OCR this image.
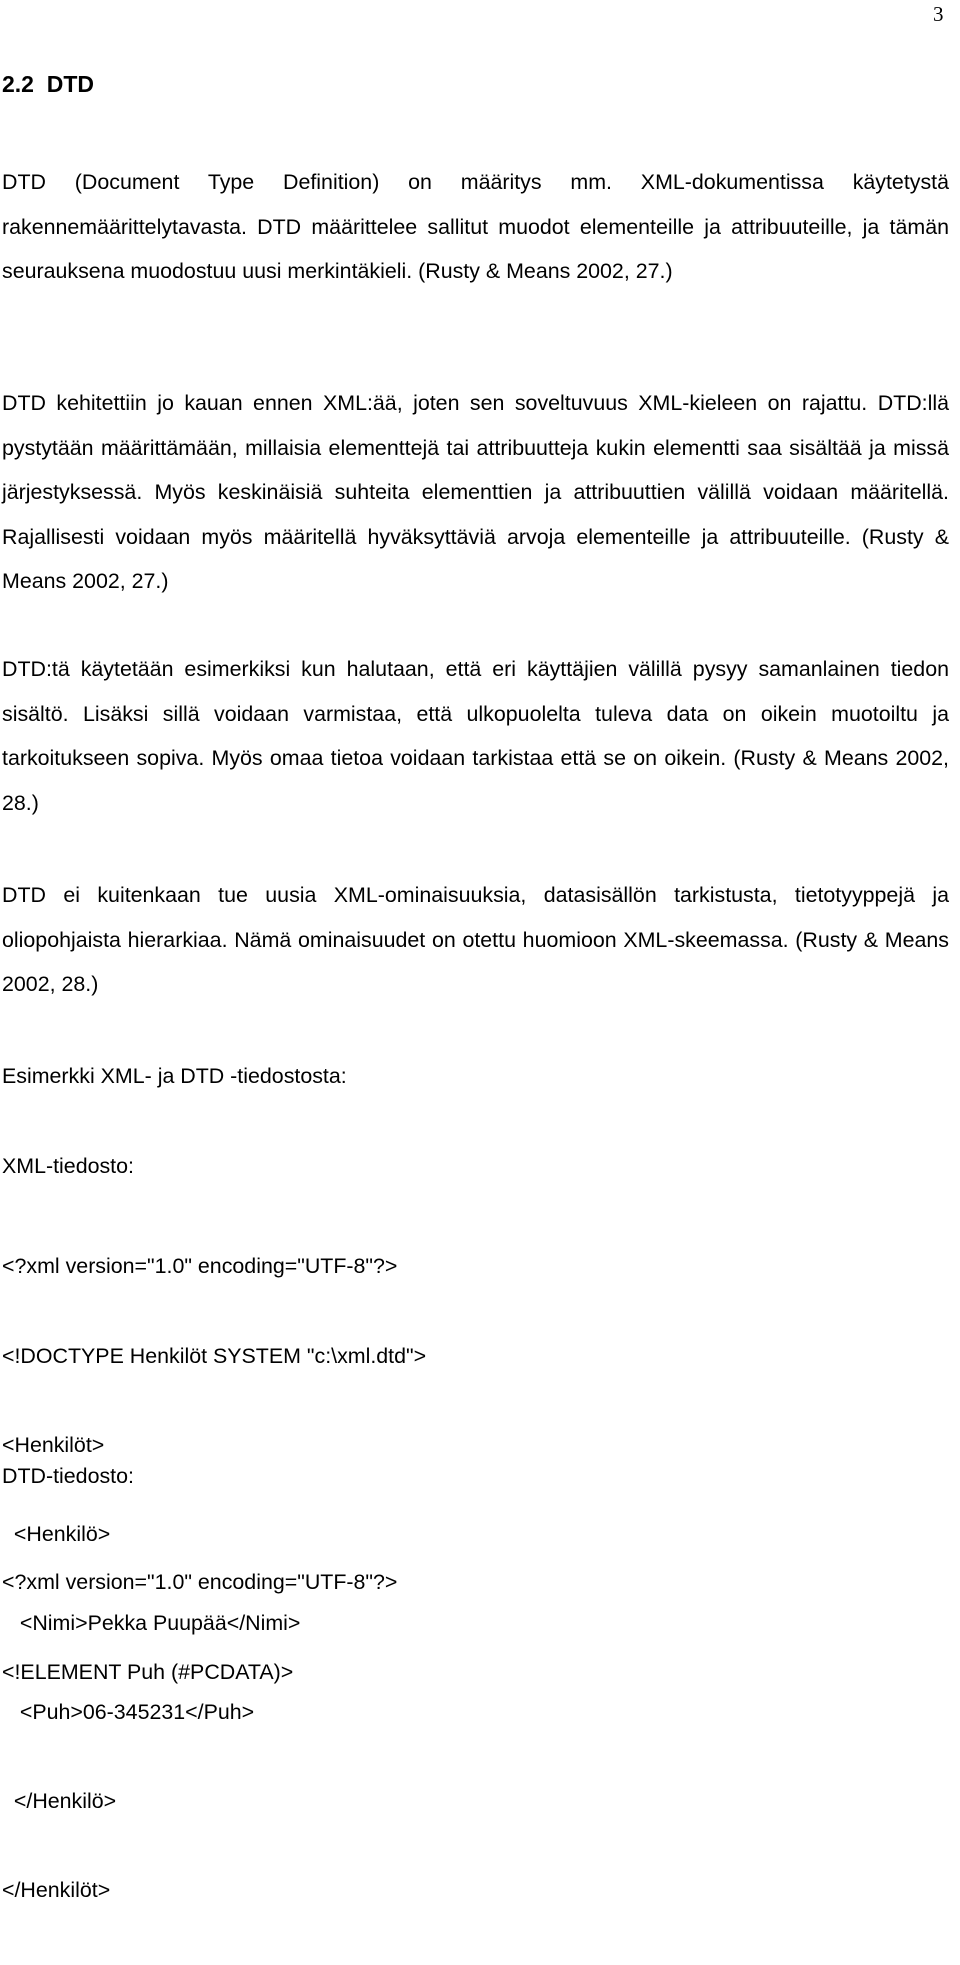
3
2.2  DTD

DTD (Document Type Definition) on määritys mm. XML-dokumentissa käytetystä rakennemäärittelytavasta. DTD määrittelee sallitut muodot elementeille ja attribuuteille, ja tämän seurauksena muodostuu uusi merkintäkieli. (Rusty & Means 2002, 27.)

DTD kehitettiin jo kauan ennen XML:ää, joten sen soveltuvuus XML-kieleen on rajattu. DTD:llä pystytään määrittämään, millaisia elementtejä tai attribuutteja kukin elementti saa sisältää ja missä järjestyksessä. Myös keskinäisiä suhteita elementtien ja attribuuttien välillä voidaan määritellä. Rajallisesti voidaan myös määritellä hyväksyttäviä arvoja elementeille ja attribuuteille. (Rusty & Means 2002, 27.)

DTD:tä käytetään esimerkiksi kun halutaan, että eri käyttäjien välillä pysyy samanlainen tiedon sisältö. Lisäksi sillä voidaan varmistaa, että ulkopuolelta tuleva data on oikein muotoiltu ja tarkoitukseen sopiva. Myös omaa tietoa voidaan tarkistaa että se on oikein. (Rusty & Means 2002, 28.)

DTD ei kuitenkaan tue uusia XML-ominaisuuksia, datasisällön tarkistusta, tietotyyppejä ja oliopohjaista hierarkiaa. Nämä ominaisuudet on otettu huomioon XML-skeemassa. (Rusty & Means 2002, 28.)

Esimerkki XML- ja DTD -tiedostosta:
XML-tiedosto:

<?xml version="1.0" encoding="UTF-8"?>

<!DOCTYPE Henkilöt SYSTEM "c:\xml.dtd">

<Henkilöt>

<Henkilö>

<Nimi>Pekka Puupää</Nimi>

<Puh>06-345231</Puh>

</Henkilö>

</Henkilöt>

DTD-tiedosto:

<?xml version="1.0" encoding="UTF-8"?>

<!ELEMENT Puh (#PCDATA)>
